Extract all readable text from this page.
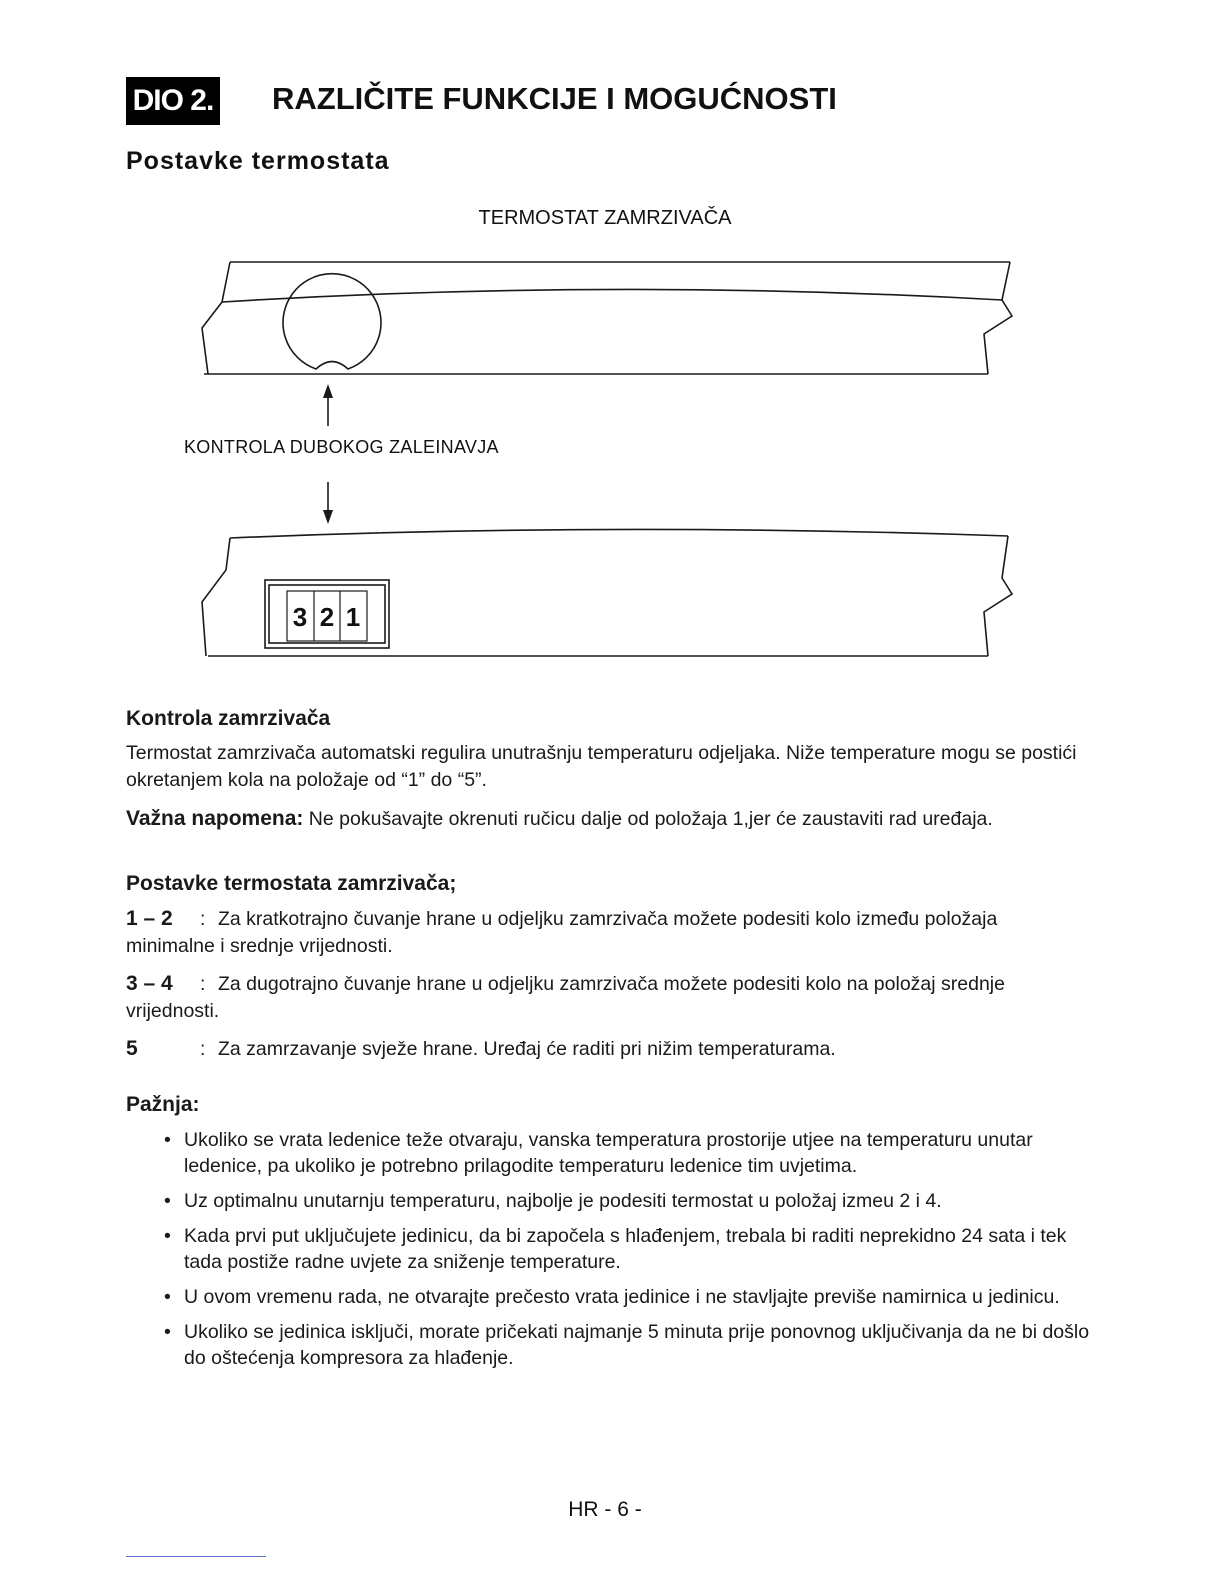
DIO 2. RAZLIČITE FUNKCIJE I MOGUĆNOSTI
Postavke termostata
TERMOSTAT ZAMRZIVAČA
3 2 1
KONTROLA DUBOKOG ZALEINAVJA
Kontrola zamrzivača
Termostat zamrzivača automatski regulira unutrašnju temperaturu odjeljaka. Niže temperature mogu se postići okretanjem kola na položaje od “1” do “5”.
Važna napomena: Ne pokušavajte okrenuti ručicu dalje od položaja 1,jer će zaustaviti rad uređaja.
Postavke termostata zamrzivača;
1 – 2 : Za kratkotrajno čuvanje hrane u odjeljku zamrzivača možete podesiti kolo između položaja minimalne i srednje vrijednosti.
3 – 4 : Za dugotrajno čuvanje hrane u odjeljku zamrzivača možete podesiti kolo na položaj srednje vrijednosti.
5	: Za zamrzavanje svježe hrane. Uređaj će raditi pri nižim temperaturama.
Pažnja:
• Ukoliko se vrata ledenice teže otvaraju, vanska temperatura prostorije utjee na temperaturu unutar ledenice, pa ukoliko je potrebno prilagodite temperaturu ledenice tim uvjetima.
• Uz optimalnu unutarnju temperaturu, najbolje je podesiti termostat u položaj izmeu 2 i 4.
• Kada prvi put uključujete jedinicu, da bi započela s hlađenjem, trebala bi raditi neprekidno 24 sata i tek tada postiže radne uvjete za sniženje temperature.
• U ovom vremenu rada, ne otvarajte prečesto vrata jedinice i ne stavljajte previše namirnica u jedinicu.
• Ukoliko se jedinica isključi, morate pričekati najmanje 5 minuta prije ponovnog uključivanja da ne bi došlo do oštećenja kompresora za hlađenje.
HR - 6 -
